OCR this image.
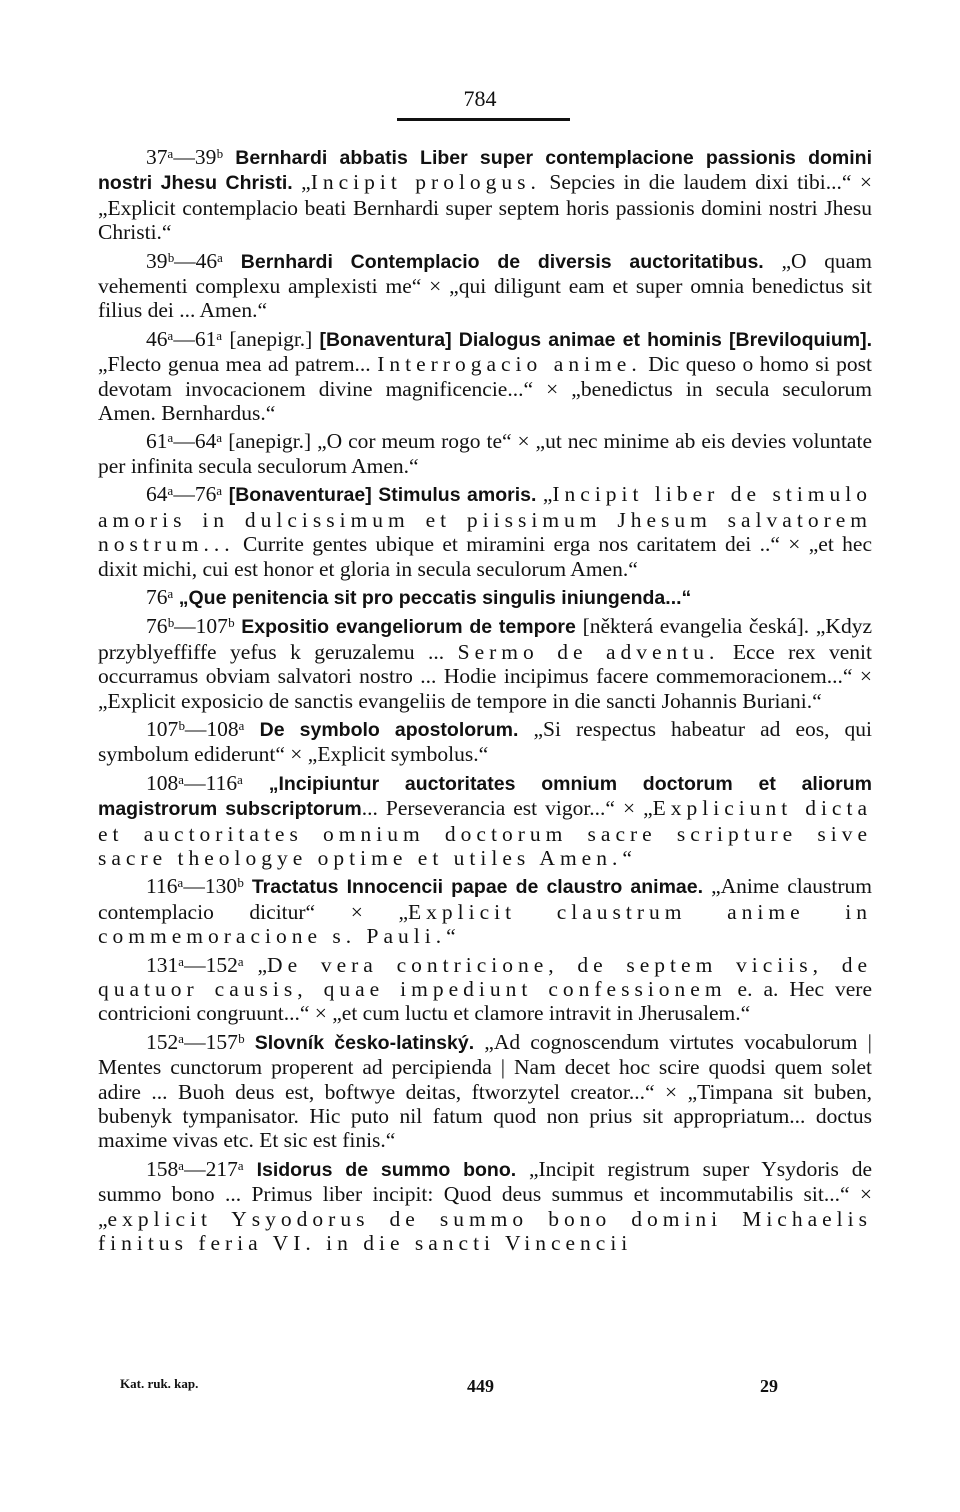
784

37ᵃ—39ᵇ Bernhardi abbatis Liber super contemplacione passionis domini nostri Jhesu Christi. „Incipit prologus. Sepcies in die laudem dixi tibi...“ × „Explicit contemplacio beati Bernhardi super septem horis passionis domini nostri Jhesu Christi.“

39ᵇ—46ᵃ Bernhardi Contemplacio de diversis auctoritatibus. „O quam vehementi complexu amplexisti me“ × „qui diligunt eam et super omnia benedictus sit filius dei ... Amen.“

46ᵃ—61ᵃ [anepigr.] [Bonaventura] Dialogus animae et hominis [Breviloquium]. „Flecto genua mea ad patrem... Interrogacio anime. Dic queso o homo si post devotam invocacionem divine magnificencie...“ × „benedictus in secula seculorum Amen. Bernhardus.“

61ᵃ—64ᵃ [anepigr.] „O cor meum rogo te“ × „ut nec minime ab eis devies voluntate per infinita secula seculorum Amen.“

64ᵃ—76ᵃ [Bonaventurae] Stimulus amoris. „Incipit liber de stimulo amoris in dulcissimum et piissimum Jhesum salvatorem nostrum... Currite gentes ubique et miramini erga nos caritatem dei ..“ × „et hec dixit michi, cui est honor et gloria in secula seculorum Amen.“

76ᵃ „Que penitencia sit pro peccatis singulis iniungenda...“

76ᵇ—107ᵇ Expositio evangeliorum de tempore [některá evangelia česká]. „Kdyz przyblyeffiffe yefus k geruzalemu ... Sermo de adventu. Ecce rex venit occurramus obviam salvatori nostro ... Hodie incipimus facere commemoracionem...“ × „Explicit exposicio de sanctis evangeliis de tempore in die sancti Johannis Buriani.“

107ᵇ—108ᵃ De symbolo apostolorum. „Si respectus habeatur ad eos, qui symbolum ediderunt“ × „Explicit symbolus.“

108ᵃ—116ᵃ „Incipiuntur auctoritates omnium doctorum et aliorum magistrorum subscriptorum... Perseverancia est vigor...“ × „Expliciunt dicta et auctoritates omnium doctorum sacre scripture sive sacre theologye optime et utiles Amen.“

116ᵃ—130ᵇ Tractatus Innocencii papae de claustro animae. „Anime claustrum contemplacio dicitur“ × „Explicit claustrum anime in commemoracione s. Pauli.“

131ᵃ—152ᵃ „De vera contricione, de septem viciis, de quatuor causis, quae impediunt confessionem e. a. Hec vere contricioni congruunt...“ × „et cum luctu et clamore intravit in Jherusalem.“

152ᵃ—157ᵇ Slovník česko-latinský. „Ad cognoscendum virtutes vocabulorum | Mentes cunctorum properent ad percipienda | Nam decet hoc scire quodsi quem solet adire ... Buoh deus est, boftwye deitas, ftworzytel creator...“ × „Timpana sit buben, bubenyk tympanisator. Hic puto nil fatum quod non prius sit appropriatum... doctus maxime vivas etc. Et sic est finis.“

158ᵃ—217ᵃ Isidorus de summo bono. „Incipit registrum super Ysydoris de summo bono ... Primus liber incipit: Quod deus summus et incommutabilis sit...“ × „explicit Ysyodorus de summo bono domini Michaelis finitus feria VI. in die sancti Vincencii

Kat. ruk. kap.	449	29
